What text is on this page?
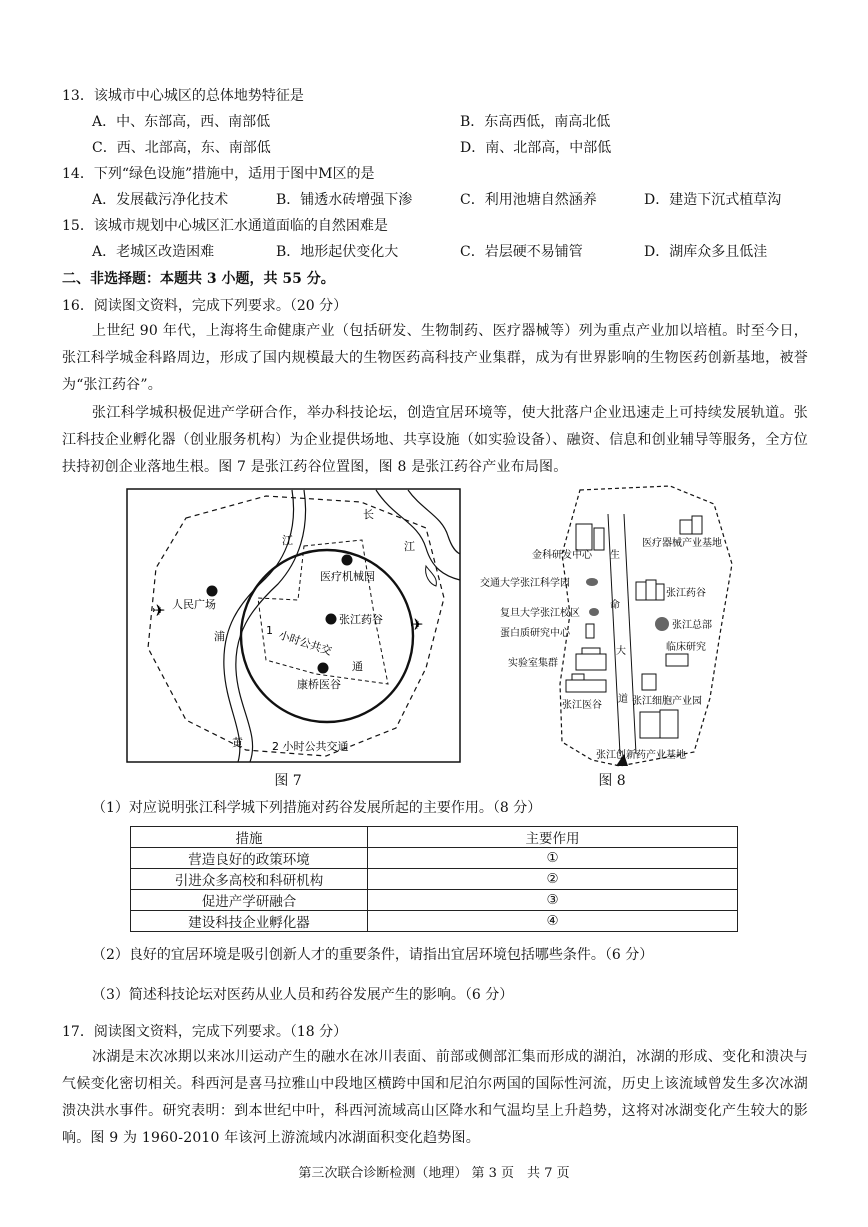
13．该城市中心城区的总体地势特征是
A．中、东部高，西、南部低	B．东高西低，南高北低
C．西、北部高，东、南部低	D．南、北部高，中部低
14．下列“绿色设施”措施中，适用于图中M区的是
A．发展截污净化技术	B．铺透水砖增强下渗	C．利用池塘自然涵养	D．建造下沉式植草沟
15．该城市规划中心城区汇水通道面临的自然困难是
A．老城区改造困难	B．地形起伏变化大	C．岩层硬不易铺管	D．湖库众多且低洼
二、非选择题：本题共 3 小题，共 55 分。
16．阅读图文资料，完成下列要求。（20 分）
上世纪 90 年代，上海将生命健康产业（包括研发、生物制药、医疗器械等）列为重点产业加以培植。时至今日，张江科学城金科路周边，形成了国内规模最大的生物医药高科技产业集群，成为有世界影响的生物医药创新基地，被誉为“张江药谷”。
张江科学城积极促进产学研合作，举办科技论坛，创造宜居环境等，使大批落户企业迅速走上可持续发展轨道。张江科技企业孵化器（创业服务机构）为企业提供场地、共享设施（如实验设备）、融资、信息和创业辅导等服务，全方位扶持初创企业落地生根。图 7 是张江药谷位置图，图 8 是张江药谷产业布局图。
✈
✈
长
江
江
浦
黄
医疗机械园
人民广场
张江药谷
康桥医谷
1 小时公共交
通
2 小时公共交通
图 7
金科研发中心 生
医疗器械产业基地
交通大学张江科学园
张江药谷
复旦大学张江校区
张江总部
命
蛋白质研究中心
大
实验室集群
临床研究
道
张江医谷	张江细胞产业园
张江创新药产业基地
图 8
（1）对应说明张江科学城下列措施对药谷发展所起的主要作用。（8 分）
措施	主要作用
营造良好的政策环境	①
引进众多高校和科研机构	②
促进产学研融合	③
建设科技企业孵化器	④
（2）良好的宜居环境是吸引创新人才的重要条件，请指出宜居环境包括哪些条件。（6 分）
（3）简述科技论坛对医药从业人员和药谷发展产生的影响。（6 分）
17．阅读图文资料，完成下列要求。（18 分）
冰湖是末次冰期以来冰川运动产生的融水在冰川表面、前部或侧部汇集而形成的湖泊，冰湖的形成、变化和溃决与气候变化密切相关。科西河是喜马拉雅山中段地区横跨中国和尼泊尔两国的国际性河流，历史上该流域曾发生多次冰湖溃决洪水事件。研究表明：到本世纪中叶，科西河流域高山区降水和气温均呈上升趋势，这将对冰湖变化产生较大的影响。图 9 为 1960-2010 年该河上游流域内冰湖面积变化趋势图。
第三次联合诊断检测（地理） 第 3 页　共 7 页
